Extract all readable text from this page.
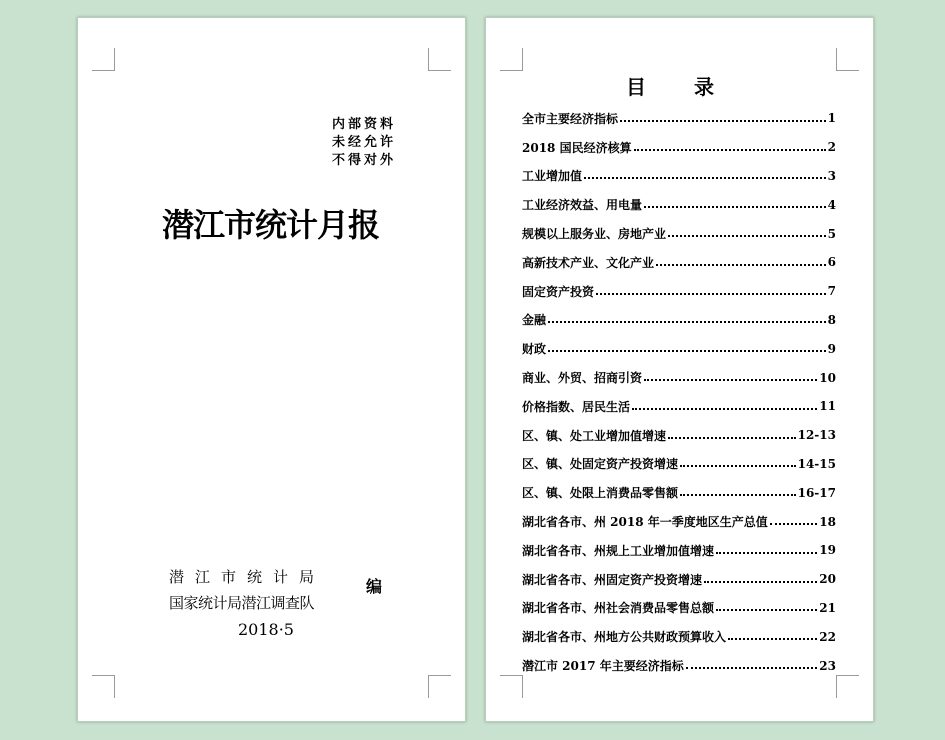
内部资料
未经允许
不得对外
潜江市统计月报
潜江市统计局
国家统计局潜江调查队
编
2018·5
目录
全市主要经济指标	1
2018 国民经济核算	2
工业增加值	3
工业经济效益、用电量	4
规模以上服务业、房地产业	5
高新技术产业、文化产业	6
固定资产投资	7
金融	8
财政	9
商业、外贸、招商引资	10
价格指数、居民生活	11
区、镇、处工业增加值增速	12-13
区、镇、处固定资产投资增速	14-15
区、镇、处限上消费品零售额	16-17
湖北省各市、州 2018 年一季度地区生产总值	18
湖北省各市、州规上工业增加值增速	19
湖北省各市、州固定资产投资增速	20
湖北省各市、州社会消费品零售总额	21
湖北省各市、州地方公共财政预算收入	22
潜江市 2017 年主要经济指标	23
